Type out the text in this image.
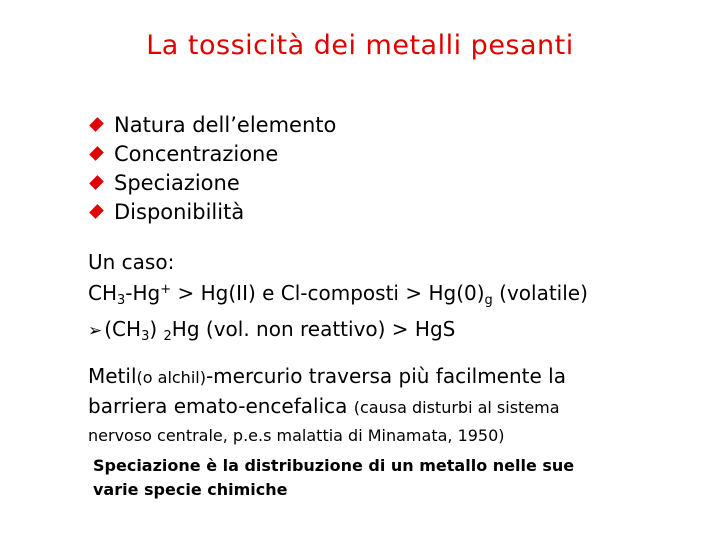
La tossicità dei metalli pesanti
Natura dell’elemento
Concentrazione
Speciazione
Disponibilità
Un caso:
$CH_3-Hg^+ > Hg(II)$ e Cl-composti > $Hg(0)_g$ (volatile)
➢ $(CH_3)$ $_2$Hg (vol. non reattivo) > HgS
Metil(o alchil)-mercurio traversa più facilmente la
barriera emato-encefalica (causa disturbi al sistema
nervoso centrale, p.e.s malattia di Minamata, 1950)
Speciazione è la distribuzione di un metallo nelle sue
varie specie chimiche
